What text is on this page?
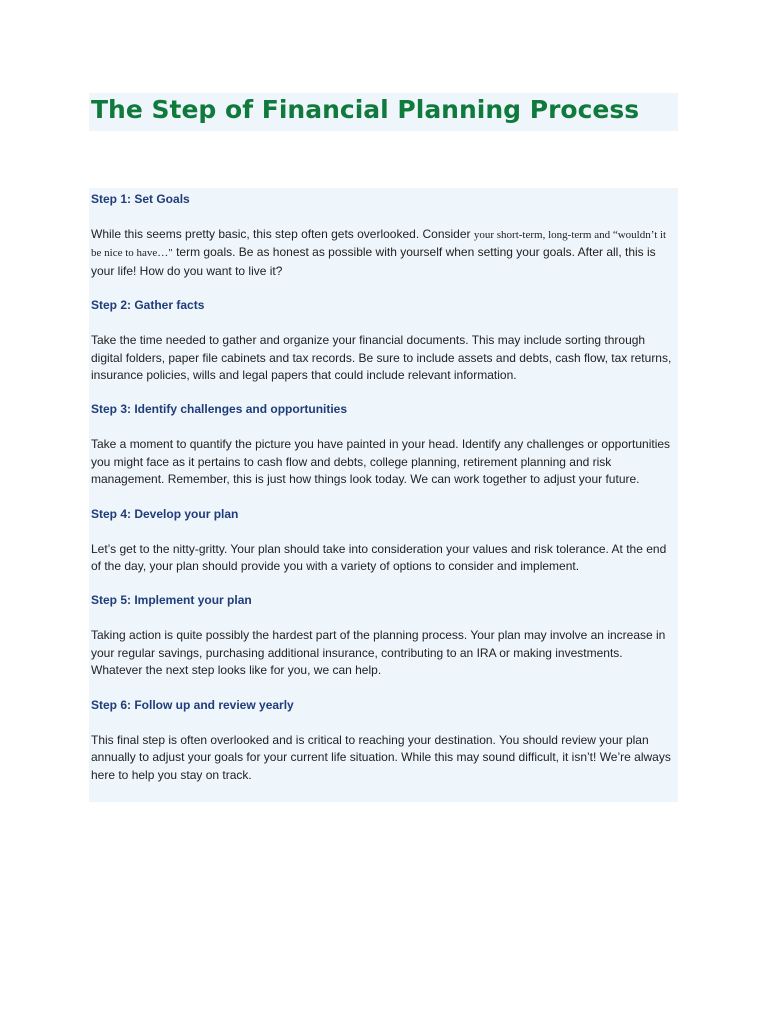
The Step of Financial Planning Process
Step 1: Set Goals

While this seems pretty basic, this step often gets overlooked. Consider your short-term, long-term and “wouldn’t it be nice to have…" term goals. Be as honest as possible with yourself when setting your goals. After all, this is your life! How do you want to live it?

Step 2: Gather facts

Take the time needed to gather and organize your financial documents. This may include sorting through digital folders, paper file cabinets and tax records. Be sure to include assets and debts, cash flow, tax returns, insurance policies, wills and legal papers that could include relevant information.

Step 3: Identify challenges and opportunities

Take a moment to quantify the picture you have painted in your head. Identify any challenges or opportunities you might face as it pertains to cash flow and debts, college planning, retirement planning and risk management. Remember, this is just how things look today. We can work together to adjust your future.

Step 4: Develop your plan

Let’s get to the nitty-gritty. Your plan should take into consideration your values and risk tolerance. At the end of the day, your plan should provide you with a variety of options to consider and implement.

Step 5: Implement your plan

Taking action is quite possibly the hardest part of the planning process. Your plan may involve an increase in your regular savings, purchasing additional insurance, contributing to an IRA or making investments. Whatever the next step looks like for you, we can help.

Step 6: Follow up and review yearly

This final step is often overlooked and is critical to reaching your destination. You should review your plan annually to adjust your goals for your current life situation. While this may sound difficult, it isn’t! We’re always here to help you stay on track.
